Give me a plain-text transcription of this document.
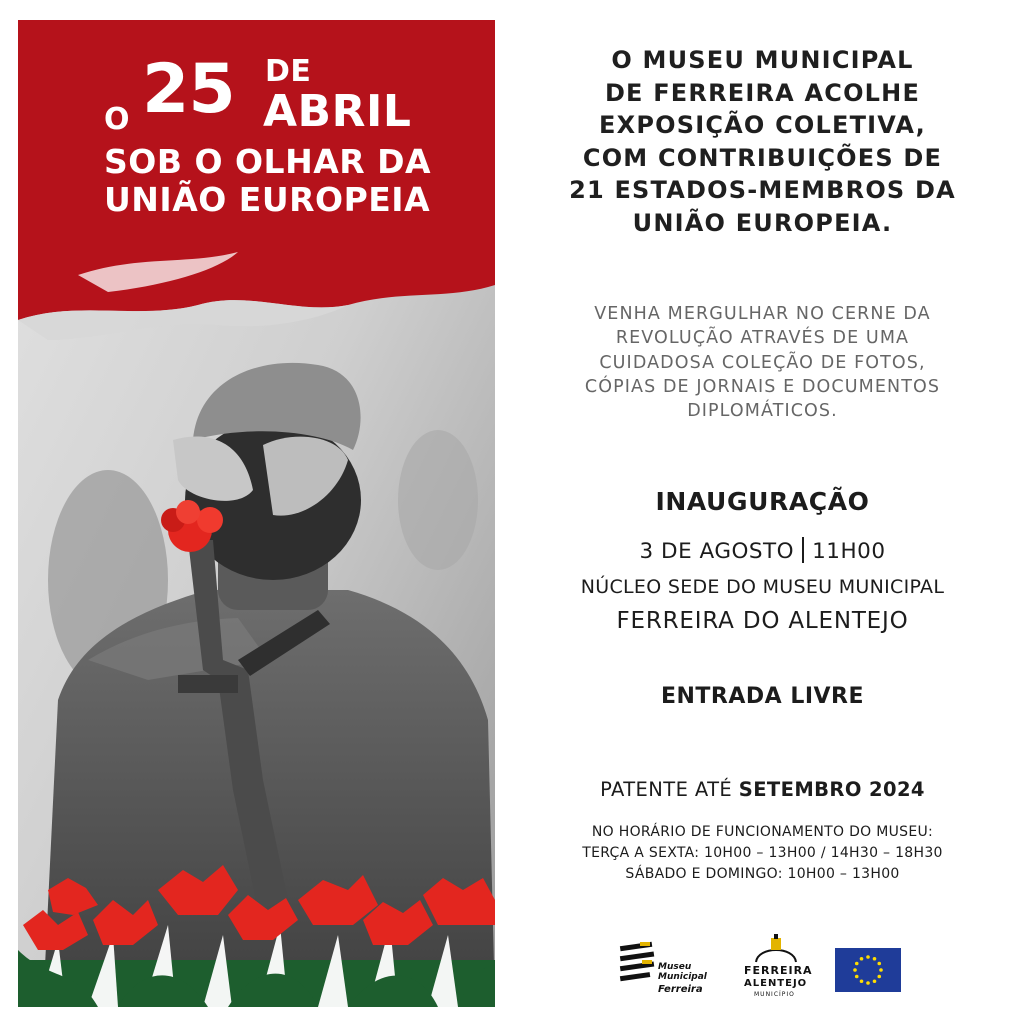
O 25 DE
ABRIL
SOB O OLHAR DA
UNIÃO EUROPEIA
O MUSEU MUNICIPAL
DE FERREIRA ACOLHE
EXPOSIÇÃO COLETIVA,
COM CONTRIBUIÇÕES DE
21 ESTADOS-MEMBROS DA
UNIÃO EUROPEIA.
VENHA MERGULHAR NO CERNE DA
REVOLUÇÃO ATRAVÉS DE UMA
CUIDADOSA COLEÇÃO DE FOTOS,
CÓPIAS DE JORNAIS E DOCUMENTOS
DIPLOMÁTICOS.
INAUGURAÇÃO
3 DE AGOSTO 11H00
NÚCLEO SEDE DO MUSEU MUNICIPAL
FERREIRA DO ALENTEJO
ENTRADA LIVRE
PATENTE ATÉ SETEMBRO 2024
NO HORÁRIO DE FUNCIONAMENTO DO MUSEU:
TERÇA A SEXTA: 10H00 – 13H00 / 14H30 – 18H30
SÁBADO E DOMINGO: 10H00 – 13H00
Museu
Municipal
Ferreira
FERREIRA
ALENTEJO
MUNICÍPIO
